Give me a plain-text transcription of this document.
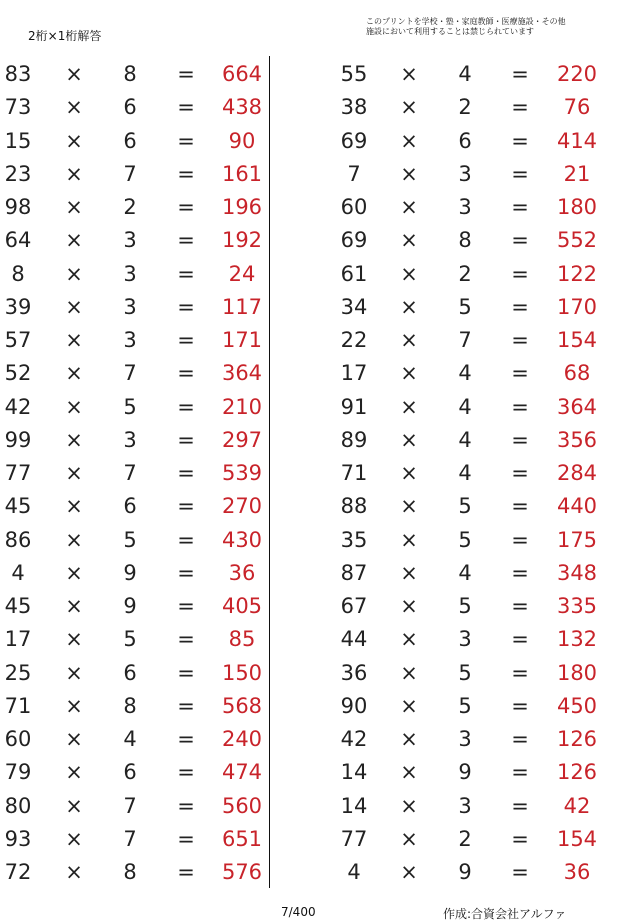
2桁×1桁解答
このプリントを学校・塾・家庭教師・医療施設・その他
施設において利用することは禁じられています
83	× 8 =	664
73	× 6 =	438
15	× 6 =	90
23	× 7 =	161
98	× 2 =	196
64	× 3 =	192
8	× 3 =	24
39	× 3 =	117
57	× 3 =	171
52	× 7 =	364
42	× 5 =	210
99	× 3 =	297
77	× 7 =	539
45	× 6 =	270
86	× 5 =	430
4	× 9 =	36
45	× 9 =	405
17	× 5 =	85
25	× 6 =	150
71	× 8 =	568
60	× 4 =	240
79	× 6 =	474
80	× 7 =	560
93	× 7 =	651
72	× 8 =	576
55	× 4 =	220
38	× 2 =	76
69	× 6 =	414
7	× 3 =	21
60	× 3 =	180
69	× 8 =	552
61	× 2 =	122
34	× 5 =	170
22	× 7 =	154
17	× 4 =	68
91	× 4 =	364
89	× 4 =	356
71	× 4 =	284
88	× 5 =	440
35	× 5 =	175
87	× 4 =	348
67	× 5 =	335
44	× 3 =	132
36	× 5 =	180
90	× 5 =	450
42	× 3 =	126
14	× 9 =	126
14	× 3 =	42
77	× 2 =	154
4	× 9 =	36
7/400	作成:合資会社アルファ
